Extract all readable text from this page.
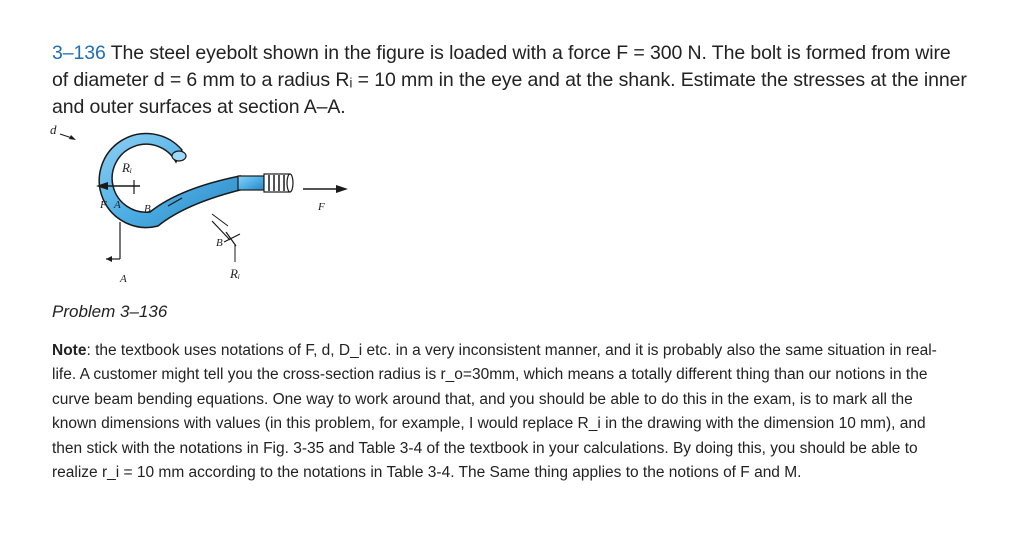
3–136 The steel eyebolt shown in the figure is loaded with a force F = 300 N. The bolt is formed from wire of diameter d = 6 mm to a radius Rᵢ = 10 mm in the eye and at the shank. Estimate the stresses at the inner and outer surfaces at section A–A.

d
Rᵢ
F A B
B
A	Rᵢ
F

Problem 3–136

Note: the textbook uses notations of F, d, D_i etc. in a very inconsistent manner, and it is probably also the same situation in real-life. A customer might tell you the cross-section radius is r_o=30mm, which means a totally different thing than our notions in the curve beam bending equations. One way to work around that, and you should be able to do this in the exam, is to mark all the known dimensions with values (in this problem, for example, I would replace R_i in the drawing with the dimension 10 mm), and then stick with the notations in Fig. 3-35 and Table 3-4 of the textbook in your calculations. By doing this, you should be able to realize r_i = 10 mm according to the notations in Table 3-4. The Same thing applies to the notions of F and M.
